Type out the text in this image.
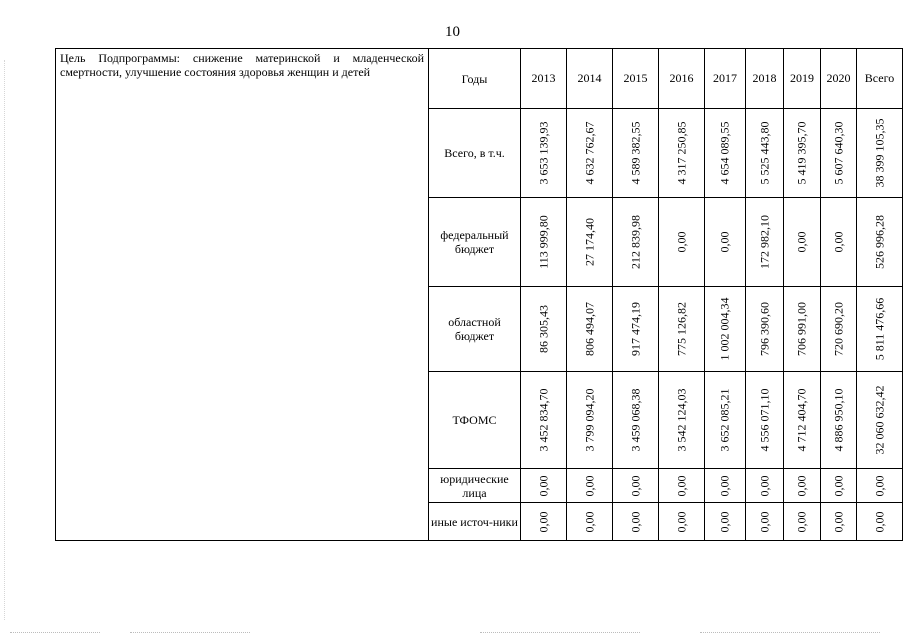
10
Цель Подпрограммы: снижение материнской и младенческой смертности, улучшение состояния здоровья женщин и детей	Годы	2013	2014	2015	2016	2017	2018	2019	2020	Всего
	Всего, в т.ч.	3 653 139,93	4 632 762,67	4 589 382,55	4 317 250,85	4 654 089,55	5 525 443,80	5 419 395,70	5 607 640,30	38 399 105,35

	федеральный бюджет	113 999,80	27 174,40	212 839,98	0,00	0,00	172 982,10	0,00	0,00	526 996,28

	областной бюджет	86 305,43	806 494,07	917 474,19	775 126,82	1 002 004,34	796 390,60	706 991,00	720 690,20	5 811 476,66

	ТФОМС	3 452 834,70	3 799 094,20	3 459 068,38	3 542 124,03	3 652 085,21	4 556 071,10	4 712 404,70	4 886 950,10	32 060 632,42

	юридические лица	0,00	0,00	0,00	0,00	0,00	0,00	0,00	0,00	0,00

	иные источ-ники	0,00	0,00	0,00	0,00	0,00	0,00	0,00	0,00	0,00
